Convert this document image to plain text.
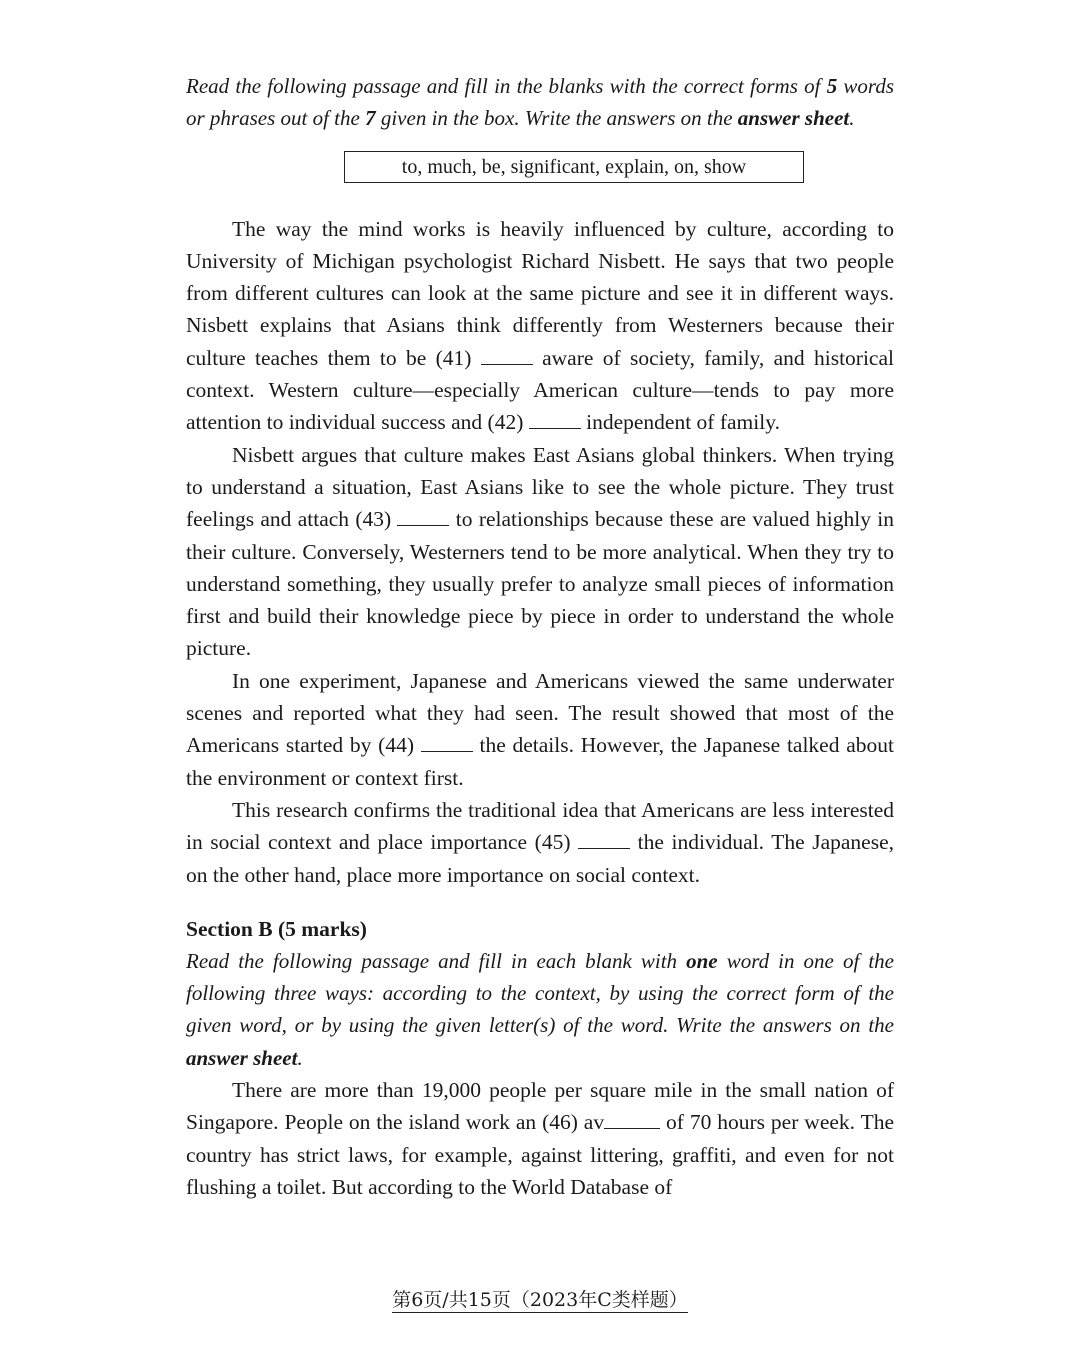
Read the following passage and fill in the blanks with the correct forms of 5 words or phrases out of the 7 given in the box. Write the answers on the answer sheet.

to, much, be, significant, explain, on, show

The way the mind works is heavily influenced by culture, according to University of Michigan psychologist Richard Nisbett. He says that two people from different cultures can look at the same picture and see it in different ways. Nisbett explains that Asians think differently from Westerners because their culture teaches them to be (41)  aware of society, family, and historical context. Western culture—especially American culture—tends to pay more attention to individual success and (42)  independent of family.

Nisbett argues that culture makes East Asians global thinkers. When trying to understand a situation, East Asians like to see the whole picture. They trust feelings and attach (43)  to relationships because these are valued highly in their culture. Conversely, Westerners tend to be more analytical. When they try to understand something, they usually prefer to analyze small pieces of information first and build their knowledge piece by piece in order to understand the whole picture.

In one experiment, Japanese and Americans viewed the same underwater scenes and reported what they had seen. The result showed that most of the Americans started by (44)  the details. However, the Japanese talked about the environment or context first.

This research confirms the traditional idea that Americans are less interested in social context and place importance (45)  the individual. The Japanese, on the other hand, place more importance on social context.

Section B (5 marks)

Read the following passage and fill in each blank with one word in one of the following three ways: according to the context, by using the correct form of the given word, or by using the given letter(s) of the word. Write the answers on the answer sheet.

There are more than 19,000 people per square mile in the small nation of Singapore. People on the island work an (46) av	of 70 hours per week. The country has strict laws, for example, against littering, graffiti, and even for not flushing a toilet. But according to the World Database of

第6页/共15页（2023年C类样题）
